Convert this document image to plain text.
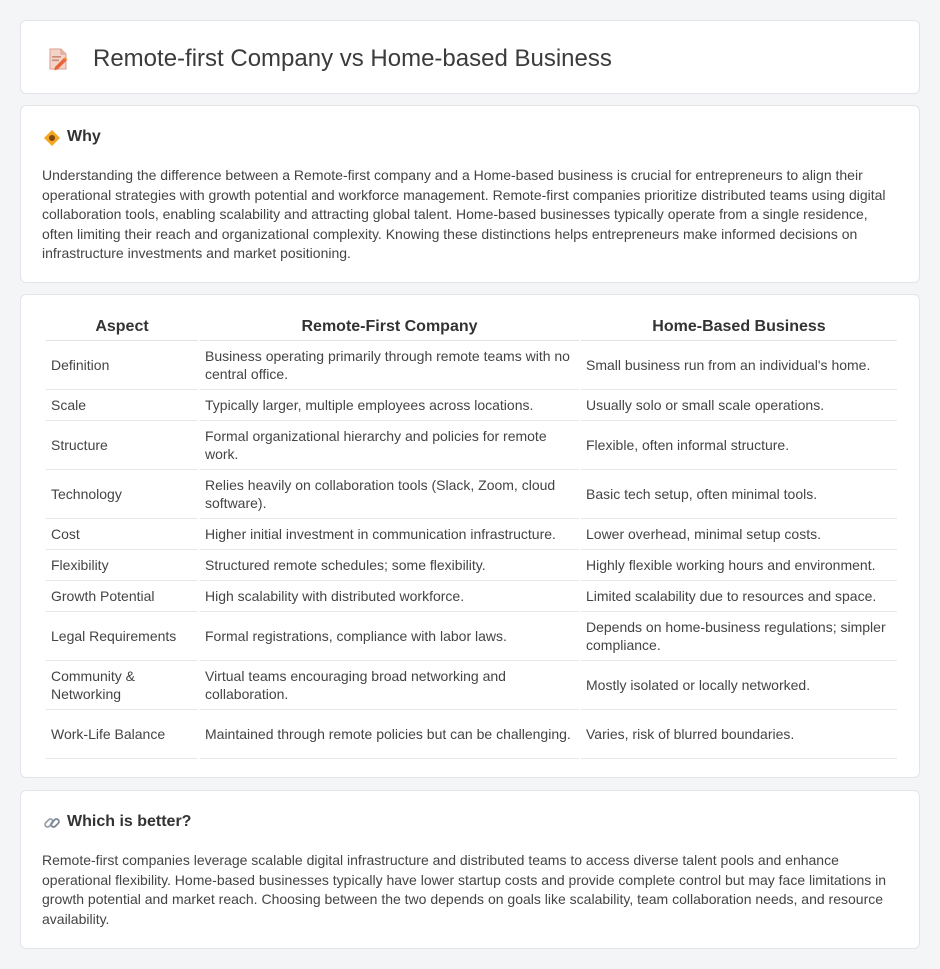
Remote-first Company vs Home-based Business
Why

Understanding the difference between a Remote-first company and a Home-based business is crucial for entrepreneurs to align their operational strategies with growth potential and workforce management. Remote-first companies prioritize distributed teams using digital collaboration tools, enabling scalability and attracting global talent. Home-based businesses typically operate from a single residence, often limiting their reach and organizational complexity. Knowing these distinctions helps entrepreneurs make informed decisions on infrastructure investments and market positioning.

Aspect	Remote-First Company	Home-Based Business
Definition	Business operating primarily through remote teams with no central office.	Small business run from an individual's home.
Scale	Typically larger, multiple employees across locations.	Usually solo or small scale operations.
Structure	Formal organizational hierarchy and policies for remote work.	Flexible, often informal structure.
Technology	Relies heavily on collaboration tools (Slack, Zoom, cloud software).	Basic tech setup, often minimal tools.
Cost	Higher initial investment in communication infrastructure.	Lower overhead, minimal setup costs.
Flexibility	Structured remote schedules; some flexibility.	Highly flexible working hours and environment.
Growth Potential	High scalability with distributed workforce.	Limited scalability due to resources and space.
Legal Requirements	Formal registrations, compliance with labor laws.	Depends on home-business regulations; simpler compliance.
Community & Networking	Virtual teams encouraging broad networking and collaboration.	Mostly isolated or locally networked.
Work-Life Balance	Maintained through remote policies but can be challenging.	Varies, risk of blurred boundaries.
Which is better?

Remote-first companies leverage scalable digital infrastructure and distributed teams to access diverse talent pools and enhance operational flexibility. Home-based businesses typically have lower startup costs and provide complete control but may face limitations in growth potential and market reach. Choosing between the two depends on goals like scalability, team collaboration needs, and resource availability.
